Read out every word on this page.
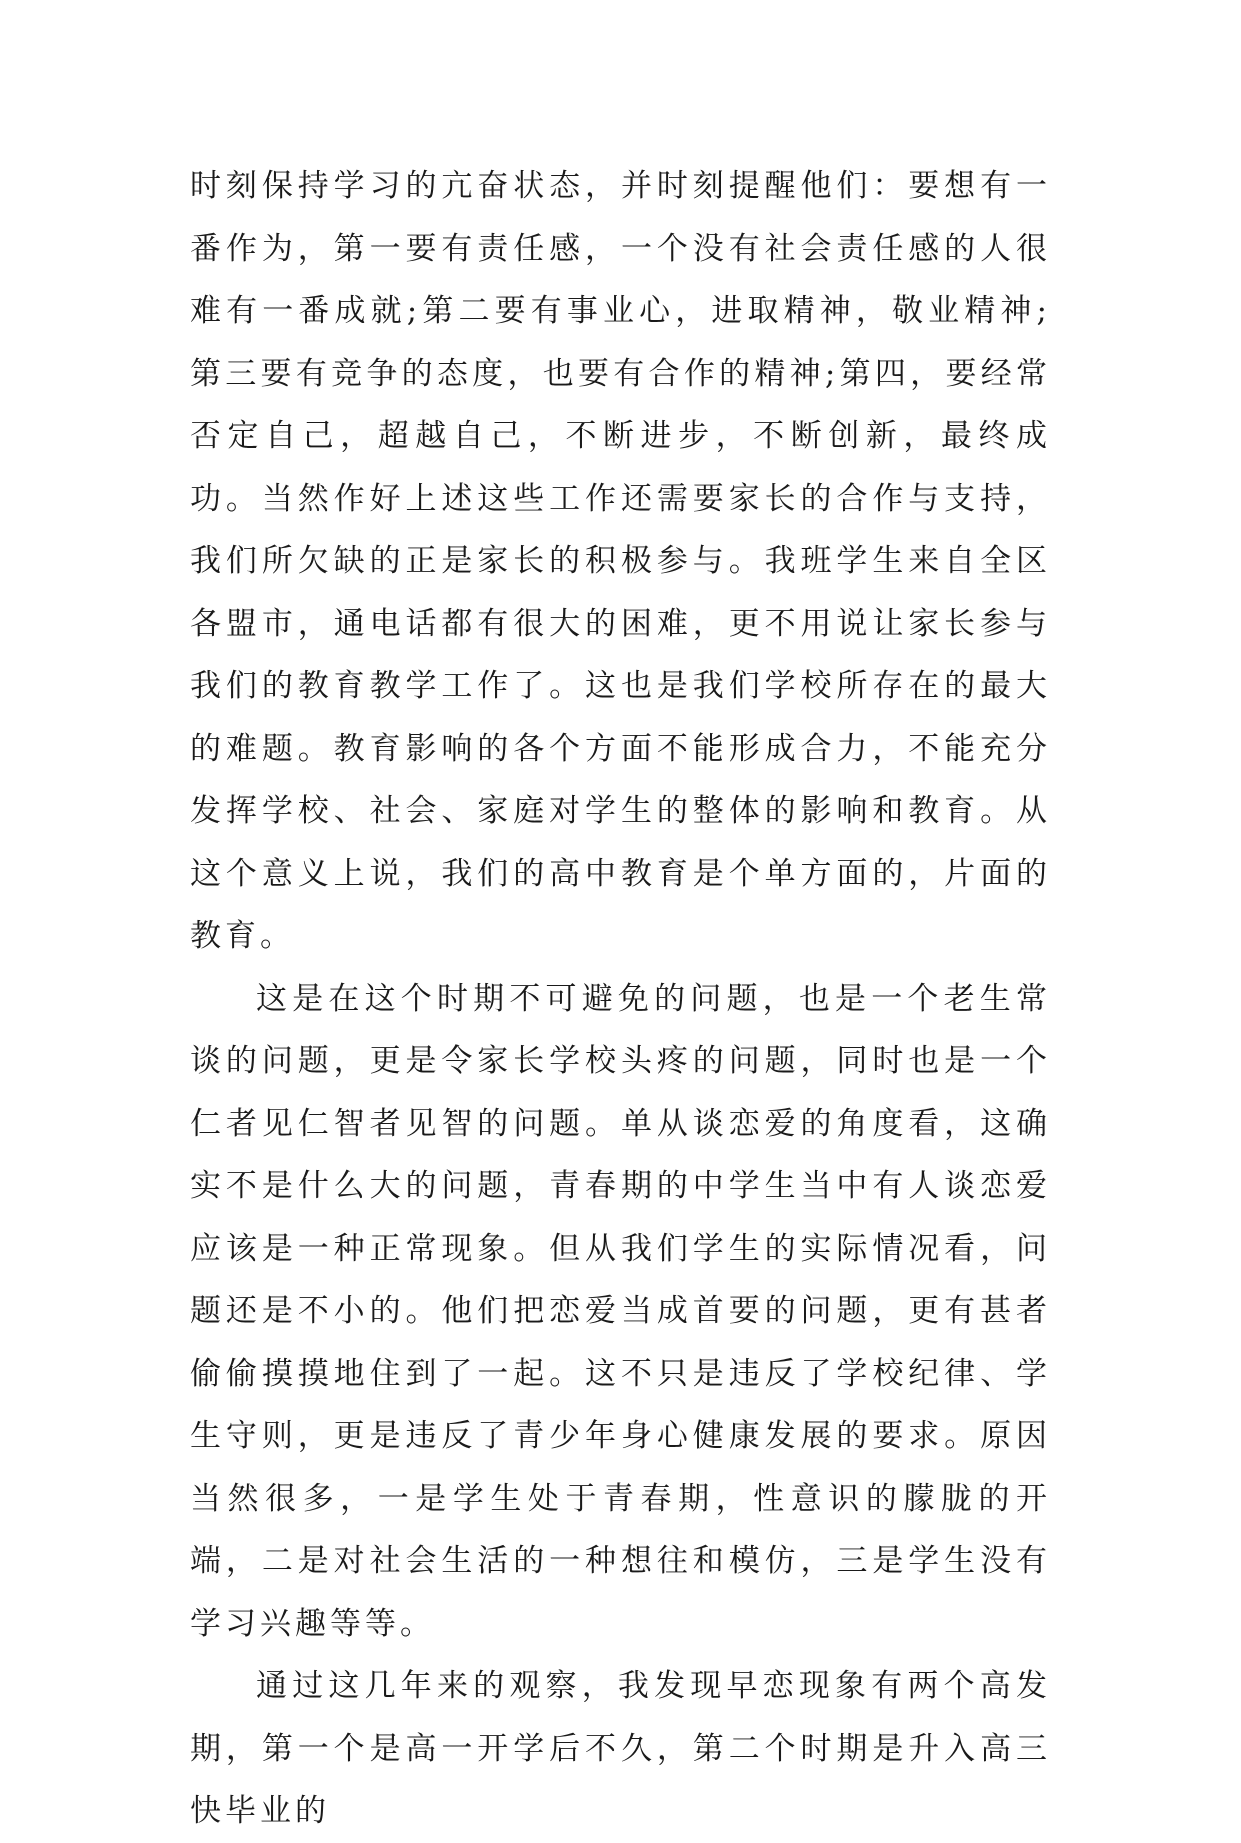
时刻保持学习的亢奋状态，并时刻提醒他们：要想有一番作为，第一要有责任感，一个没有社会责任感的人很难有一番成就;第二要有事业心，进取精神，敬业精神;第三要有竞争的态度，也要有合作的精神;第四，要经常否定自己，超越自己，不断进步，不断创新，最终成功。当然作好上述这些工作还需要家长的合作与支持，我们所欠缺的正是家长的积极参与。我班学生来自全区各盟市，通电话都有很大的困难，更不用说让家长参与我们的教育教学工作了。这也是我们学校所存在的最大的难题。教育影响的各个方面不能形成合力，不能充分发挥学校、社会、家庭对学生的整体的影响和教育。从这个意义上说，我们的高中教育是个单方面的，片面的教育。

这是在这个时期不可避免的问题，也是一个老生常谈的问题，更是令家长学校头疼的问题，同时也是一个仁者见仁智者见智的问题。单从谈恋爱的角度看，这确实不是什么大的问题，青春期的中学生当中有人谈恋爱应该是一种正常现象。但从我们学生的实际情况看，问题还是不小的。他们把恋爱当成首要的问题，更有甚者偷偷摸摸地住到了一起。这不只是违反了学校纪律、学生守则，更是违反了青少年身心健康发展的要求。原因当然很多，一是学生处于青春期，性意识的朦胧的开端，二是对社会生活的一种想往和模仿，三是学生没有学习兴趣等等。

通过这几年来的观察，我发现早恋现象有两个高发期，第一个是高一开学后不久，第二个时期是升入高三快毕业的
